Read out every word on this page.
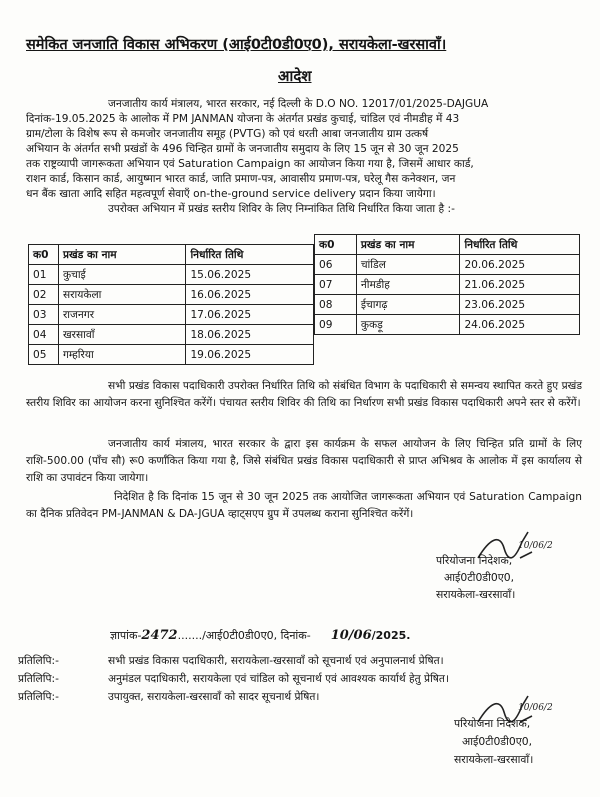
समेकित जनजाति विकास अभिकरण (आई0टी0डी0ए0), सरायकेला-खरसावाँ।
आदेश
जनजातीय कार्य मंत्रालय, भारत सरकार, नई दिल्ली के D.O NO. 12017/01/2025-DAJGUA
दिनांक-19.05.2025 के आलोक में PM JANMAN योजना के अंतर्गत प्रखंड कुचाई, चांडिल एवं नीमडीह में 43
ग्राम/टोला के विशेष रूप से कमजोर जनजातीय समूह (PVTG) को एवं धरती आबा जनजातीय ग्राम उत्कर्ष
अभियान के अंतर्गत सभी प्रखंडों के 496 चिन्हित ग्रामों के जनजातीय समुदाय के लिए 15 जून से 30 जून 2025
तक राष्ट्रव्यापी जागरूकता अभियान एवं Saturation Campaign का आयोजन किया गया है, जिसमें आधार कार्ड,
राशन कार्ड, किसान कार्ड, आयुष्मान भारत कार्ड, जाति प्रमाण-पत्र, आवासीय प्रमाण-पत्र, घरेलू गैस कनेक्शन, जन
धन बैंक खाता आदि सहित महत्वपूर्ण सेवाएँ on-the-ground service delivery प्रदान किया जायेगा।
उपरोक्त अभियान में प्रखंड स्तरीय शिविर के लिए निम्नांकित तिथि निर्धारित किया जाता है :-
क0	प्रखंड का नाम	निर्धारित तिथि
01	कुचाई	15.06.2025
02	सरायकेला	16.06.2025
03	राजनगर	17.06.2025
04	खरसावाँ	18.06.2025
05	गम्हरिया	19.06.2025
क0	प्रखंड का नाम	निर्धारित तिथि
06	चांडिल	20.06.2025
07	नीमडीह	21.06.2025
08	ईचागढ़	23.06.2025
09	कुकड़ू	24.06.2025
सभी प्रखंड विकास पदाधिकारी उपरोक्त निर्धारित तिथि को संबंधित विभाग के पदाधिकारी से समन्वय स्थापित करते हुए प्रखंड स्तरीय शिविर का आयोजन करना सुनिश्चित करेंगें। पंचायत स्तरीय शिविर की तिथि का निर्धारण सभी प्रखंड विकास पदाधिकारी अपने स्तर से करेंगें।
जनजातीय कार्य मंत्रालय, भारत सरकार के द्वारा इस कार्यक्रम के सफल आयोजन के लिए चिन्हित प्रति ग्रामों के लिए राशि-500.00 (पाँच सौ) रू0 कर्णांकित किया गया है, जिसे संबंधित प्रखंड विकास पदाधिकारी से प्राप्त अभिश्रव के आलोक में इस कार्यालय से राशि का उपावंटन किया जायेगा।
निदेशित है कि दिनांक 15 जून से 30 जून 2025 तक आयोजित जागरूकता अभियान एवं Saturation Campaign का दैनिक प्रतिवेदन PM-JANMAN & DA-JGUA व्हाट्सएप ग्रुप में उपलब्ध कराना सुनिश्चित करेंगें।
10/06/2
परियोजना निदेशक,
आई0टी0डी0ए0,
सरायकेला-खरसावाँ।
ज्ञापांक-2472......./आई0टी0डी0ए0, दिनांक- 10/06/2025.
प्रतिलिपि:-	सभी प्रखंड विकास पदाधिकारी, सरायकेला-खरसावाँ को सूचनार्थ एवं अनुपालनार्थ प्रेषित।
प्रतिलिपि:-	अनुमंडल पदाधिकारी, सरायकेला एवं चांडिल को सूचनार्थ एवं आवश्यक कार्यार्थ हेतु प्रेषित।
प्रतिलिपि:-	उपायुक्त, सरायकेला-खरसावाँ को सादर सूचनार्थ प्रेषित।
10/06/2
परियोजना निदेशक,
आई0टी0डी0ए0,
सरायकेला-खरसावाँ।
